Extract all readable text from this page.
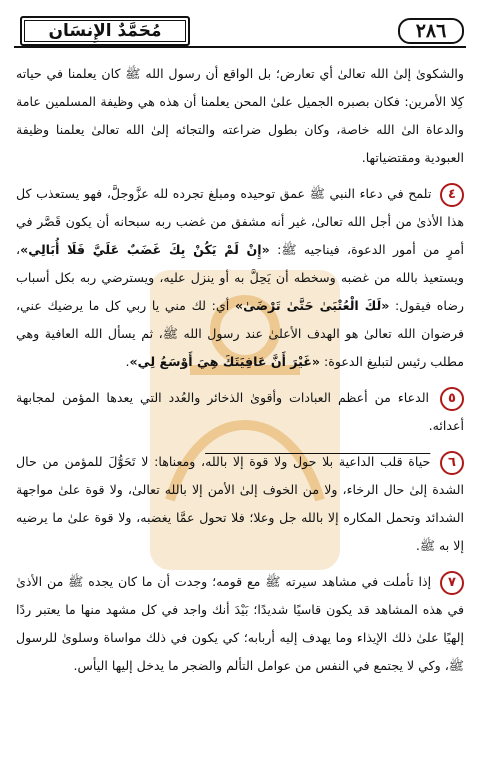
مُحَمَّدٌ الإِنسَان	٢٨٦

والشكوىٰ إلىٰ الله تعالىٰ أي تعارض؛ بل الواقع أن رسول الله ﷺ كان يعلمنا في حياته كِلا الأمرين: فكان بصبره الجميل علىٰ المحن يعلمنا أن هذه هي وظيفة المسلمين عامة والدعاة الىٰ الله خاصة، وكان بطول ضراعته والتجائه إلىٰ الله تعالىٰ يعلمنا وظيفة العبودية ومقتضياتها.

٤ تلمح في دعاء النبي ﷺ عمق توحيده ومبلغ تجرده لله عزَّوجلَّ، فهو يستعذب كل هذا الأذىٰ من أجل الله تعالىٰ، غير أنه مشفق من غضب ربه سبحانه أن يكون قَصَّر في أمرٍ من أمور الدعوة، فيناجيه ﷺ: «إِنْ لَمْ يَكُنْ بِكَ غَضَبٌ عَلَيَّ فَلَا أُبَالِي»، ويستعيذ بالله من غضبه وسخطه أن يَحِلَّ به أو ينزل عليه، ويسترضي ربه بكل أسباب رضاه فيقول: «لَكَ الْعُتْبَىٰ حَتَّىٰ تَرْضَىٰ» أي: لك مني يا ربي كل ما يرضيك عني، فرضوان الله تعالىٰ هو الهدف الأعلىٰ عند رسول الله ﷺ، ثم يسأل الله العافية وهي مطلب رئيس لتبليغ الدعوة: «غَيْرَ أَنَّ عَافِيَتَكَ هِيَ أَوْسَعُ لِي».

٥ الدعاء من أعظم العبادات وأقوىٰ الذخائر والعُدد التي يعدها المؤمن لمجابهة أعدائه.

٦ حياة قلب الداعية بلا حول ولا قوة إلا بالله، ومعناها: لا تَحَوُّلَ للمؤمن من حال الشدة إلىٰ حال الرخاء، ولا من الخوف إلىٰ الأمن إلا بالله تعالىٰ، ولا قوة علىٰ مواجهة الشدائد وتحمل المكاره إلا بالله جل وعلا؛ فلا تحول عمَّا يغضبه، ولا قوة علىٰ ما يرضيه إلا به ﷺ.

٧ إذا تأملت في مشاهد سيرته ﷺ مع قومه؛ وجدت أن ما كان يجده ﷺ من الأذىٰ في هذه المشاهد قد يكون قاسيًا شديدًا؛ بَيْدَ أنك واجد في كل مشهد منها ما يعتبر ردًا إلهيًا علىٰ ذلك الإيذاء وما يهدف إليه أربابه؛ كي يكون في ذلك مواساة وسلوىٰ للرسول ﷺ، وكي لا يجتمع في النفس من عوامل التألم والضجر ما يدخل إليها اليأس.
